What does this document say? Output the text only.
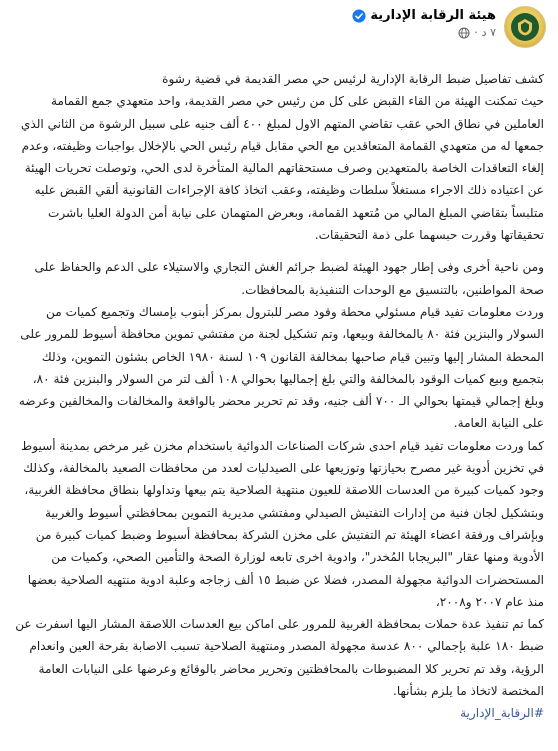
هيئة الرقابة الإدارية
٧ د
·

كشف تفاصيل ضبط الرقابة الإدارية لرئيس حي مصر القديمة في قضية رشوة

حيث تمكنت الهيئة من القاء القبض على كل من رئيس حي مصر القديمة، واحد متعهدي جمع القمامة العاملين في نطاق الحي عقب تقاضي المتهم الاول لمبلغ ٤٠٠ ألف جنيه على سبيل الرشوة من الثاني الذي جمعها له من متعهدي القمامة المتعاقدين مع الحي مقابل قيام رئيس الحي بالإخلال بواجبات وظيفته، وعدم إلغاء التعاقدات الخاصة بالمتعهدين وصرف مستحقاتهم المالية المتأخرة لدى الحي، وتوصلت تحريات الهيئة عن اعتياده ذلك الاجراء مستغلاً سلطات وظيفته، وعقب اتخاذ كافة الإجراءات القانونية ألقي القبض عليه متلبساً بتقاضي المبلغ المالي من مُتعهد القمامة، وبعرض المتهمان على نيابة أمن الدولة العليا باشرت تحقيقاتها وقررت حبسهما على ذمة التحقيقات.

ومن ناحية أخرى وفى إطار جهود الهيئة لضبط جرائم الغش التجاري والاستيلاء على الدعم والحفاظ على صحة المواطنين، بالتنسيق مع الوحدات التنفيذية بالمحافظات.

وردت معلومات تفيد قيام مسئولي محطة وقود مصر للبترول بمركز أبنوب بإمساك وتجميع كميات من السولار والبنزين فئة ٨٠ بالمخالفة وبيعها، وتم تشكيل لجنة من مفتشي تموين محافظة أسيوط للمرور على المحطة المشار إليها وتبين قيام صاحبها بمخالفة القانون ١٠٩ لسنة ١٩٨٠ الخاص بشئون التموين، وذلك بتجميع وبيع كميات الوقود بالمخالفة والتي بلغ إجماليها بحوالي ١٠٨ ألف لتر من السولار والبنزين فئة ٨٠، وبلغ إجمالي قيمتها بحوالي الـ ٧٠٠ ألف جنيه، وقد تم تحرير محضر بالواقعة والمخالفات والمخالفين وعرضه على النيابة العامة.

كما وردت معلومات تفيد قيام احدى شركات الصناعات الدوائية باستخدام مخزن غير مرخص بمدينة أسيوط في تخزين أدوية غير مصرح بحيازتها وتوزيعها على الصيدليات لعدد من محافظات الصعيد بالمخالفة، وكذلك وجود كميات كبيرة من العدسات اللاصقة للعيون منتهية الصلاحية يتم بيعها وتداولها بنطاق محافظة الغربية، وبتشكيل لجان فنية من إدارات التفتيش الصيدلي ومفتشي مديرية التموين بمحافظتي أسيوط والغربية وبإشراف ورفقة اعضاء الهيئة تم التفتيش على مخزن الشركة بمحافظة أسيوط وضبط كميات كبيرة من الأدوية ومنها عقار "البريجابا المُخدر"، وادوية اخرى تابعه لوزارة الصحة والتأمين الصحي، وكميات من المستحضرات الدوائية مجهولة المصدر، فضلا عن ضبط ١٥ ألف زجاجه وعلبة ادوية منتهيه الصلاحية بعضها منذ عام ٢٠٠٧ و٢٠٠٨،

كما تم تنفيذ عدة حملات بمحافظة الغربية للمرور على اماكن بيع العدسات اللاصقة المشار اليها اسفرت عن ضبط ١٨٠ علبة بإجمالي ٨٠٠ عدسة مجهولة المصدر ومنتهية الصلاحية تسبب الاصابة بقرحة العين وانعدام الرؤية، وقد تم تحرير كلا المضبوطات بالمحافظتين وتحرير محاضر بالوقائع وعرضها على النيابات العامة المختصة لاتخاذ ما يلزم بشأنها.

#الرقابة_الإدارية
